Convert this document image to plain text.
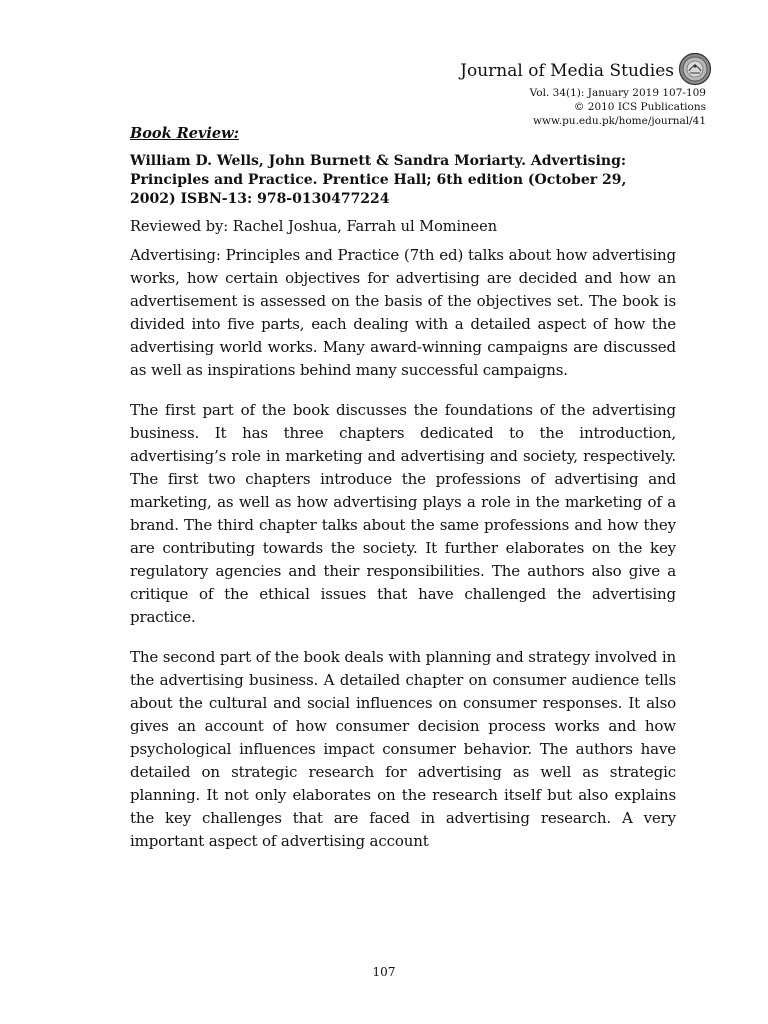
Journal of Media Studies
Vol. 34(1): January 2019 107-109
© 2010 ICS Publications
www.pu.edu.pk/home/journal/41

Book Review:

William D. Wells, John Burnett & Sandra Moriarty. Advertising: Principles and Practice. Prentice Hall; 6th edition (October 29, 2002) ISBN-13: 978-0130477224

Reviewed by: Rachel Joshua, Farrah ul Momineen

Advertising: Principles and Practice (7th ed) talks about how advertising works, how certain objectives for advertising are decided and how an advertisement is assessed on the basis of the objectives set. The book is divided into five parts, each dealing with a detailed aspect of how the advertising world works. Many award-winning campaigns are discussed as well as inspirations behind many successful campaigns.

The first part of the book discusses the foundations of the advertising business. It has three chapters dedicated to the introduction, advertising’s role in marketing and advertising and society, respectively. The first two chapters introduce the professions of advertising and marketing, as well as how advertising plays a role in the marketing of a brand. The third chapter talks about the same professions and how they are contributing towards the society. It further elaborates on the key regulatory agencies and their responsibilities. The authors also give a critique of the ethical issues that have challenged the advertising practice.

The second part of the book deals with planning and strategy involved in the advertising business. A detailed chapter on consumer audience tells about the cultural and social influences on consumer responses. It also gives an account of how consumer decision process works and how psychological influences impact consumer behavior. The authors have detailed on strategic research for advertising as well as strategic planning. It not only elaborates on the research itself but also explains the key challenges that are faced in advertising research. A very important aspect of advertising account

107
